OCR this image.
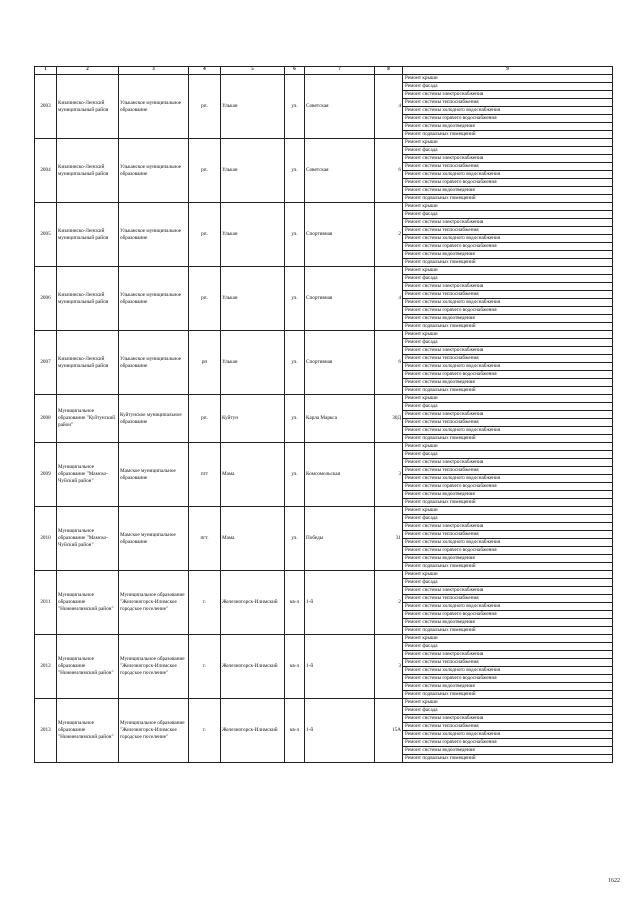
1	2	3	4	5	6	7	8	9
2003	Кизачинско-Ленский муниципальный район	Ульканское муниципальное образование	рп.	Улькан	ул.	Советская	4	Ремонт крыши
								Ремонт фасада
								Ремонт системы электроснабжения
								Ремонт системы теплоснабжения
								Ремонт системы холодного водоснабжения
								Ремонт системы горячего водоснабжения
								Ремонт системы водоотведения
								Ремонт подвальных помещений
2004	Кизачинско-Ленский муниципальный район	Ульканское муниципальное образование	рп.	Улькан	ул.	Советская	6	Ремонт крыши
								Ремонт фасада
								Ремонт системы электроснабжения
								Ремонт системы теплоснабжения
								Ремонт системы холодного водоснабжения
								Ремонт системы горячего водоснабжения
								Ремонт системы водоотведения
								Ремонт подвальных помещений
2005	Кизачинско-Ленский муниципальный район	Ульканское муниципальное образование	рп.	Улькан	ул.	Спортивная	2	Ремонт крыши
								Ремонт фасада
								Ремонт системы электроснабжения
								Ремонт системы теплоснабжения
								Ремонт системы холодного водоснабжения
								Ремонт системы горячего водоснабжения
								Ремонт системы водоотведения
								Ремонт подвальных помещений
2006	Кизачинско-Ленский муниципальный район	Ульканское муниципальное образование	рп.	Улькан	ул.	Спортивная	4	Ремонт крыши
								Ремонт фасада
								Ремонт системы электроснабжения
								Ремонт системы теплоснабжения
								Ремонт системы холодного водоснабжения
								Ремонт системы горячего водоснабжения
								Ремонт системы водоотведения
								Ремонт подвальных помещений
2007	Кизачинско-Ленский муниципальный район	Ульканское муниципальное образование	рп	Улькан	ул.	Спортивная	6	Ремонт крыши
								Ремонт фасада
								Ремонт системы электроснабжения
								Ремонт системы теплоснабжения
								Ремонт системы холодного водоснабжения
								Ремонт системы горячего водоснабжения
								Ремонт системы водоотведения
								Ремонт подвальных помещений
2008	Муниципальное образование "Куйтунский район"	Куйтунское муниципальное образование	рп.	Куйтун	ул.	Карла Маркса	30Д	Ремонт крыши
								Ремонт фасада
								Ремонт системы электроснабжения
								Ремонт системы теплоснабжения
								Ремонт системы холодного водоснабжения
								Ремонт подвальных помещений
2009	Муниципальное образование "Мамско-Чуйский район"	Мамское муниципальное образование	пгт	Мама	ул.	Комсомольская	3	Ремонт крыши
								Ремонт фасада
								Ремонт системы электроснабжения
								Ремонт системы теплоснабжения
								Ремонт системы холодного водоснабжения
								Ремонт системы горячего водоснабжения
								Ремонт системы водоотведения
								Ремонт подвальных помещений
2010	Муниципальное образование "Мамско-Чуйский район"	Мамское муниципальное образование	пгт.	Мама	ул.	Победы	31	Ремонт крыши
								Ремонт фасада
								Ремонт системы электроснабжения
								Ремонт системы теплоснабжения
								Ремонт системы холодного водоснабжения
								Ремонт системы горячего водоснабжения
								Ремонт системы водоотведения
								Ремонт подвальных помещений
2011	Муниципальное образование "Нижнеилимский район"	Муниципальное образование "Железногорск-Илимское городское поселение"	г.	Железногорск-Илимский	кв-л	1-й	2	Ремонт крыши
								Ремонт фасада
								Ремонт системы электроснабжения
								Ремонт системы теплоснабжения
								Ремонт системы холодного водоснабжения
								Ремонт системы горячего водоснабжения
								Ремонт системы водоотведения
								Ремонт подвальных помещений
2012	Муниципальное образование "Нижнеилимский район"	Муниципальное образование "Железногорск-Илимское городское поселение"	г.	Железногорск-Илимский	кв-л	1-й	3	Ремонт крыши
								Ремонт фасада
								Ремонт системы электроснабжения
								Ремонт системы теплоснабжения
								Ремонт системы холодного водоснабжения
								Ремонт системы горячего водоснабжения
								Ремонт системы водоотведения
								Ремонт подвальных помещений
2013	Муниципальное образование "Нижнеилимский район"	Муниципальное образование "Железногорск-Илимское городское поселение"	г.	Железногорск-Илимский	кв-л	1-й	15А	Ремонт крыши
								Ремонт фасада
								Ремонт системы электроснабжения
								Ремонт системы теплоснабжения
								Ремонт системы холодного водоснабжения
								Ремонт системы горячего водоснабжения
								Ремонт системы водоотведения
								Ремонт подвальных помещений
1622
